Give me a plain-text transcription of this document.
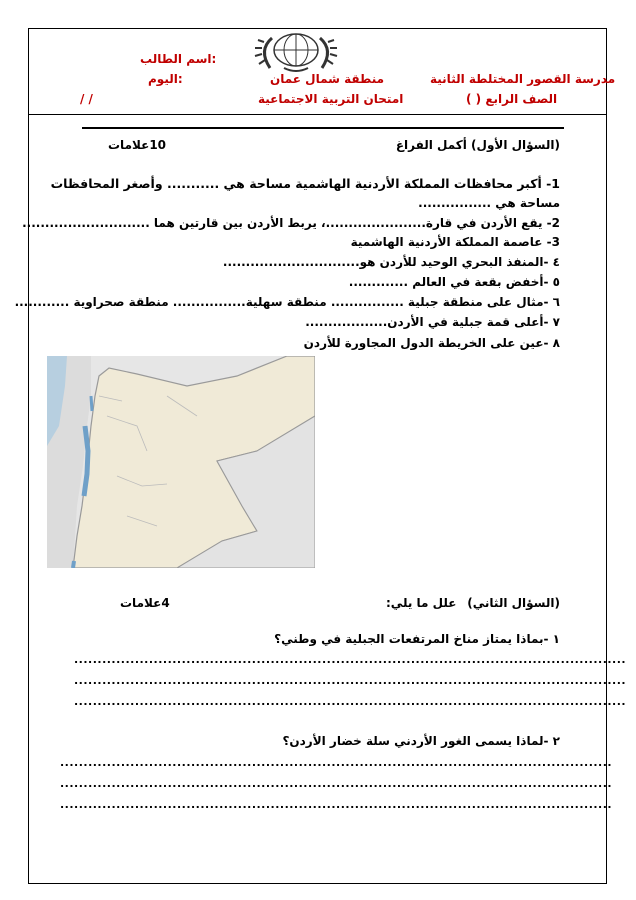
اسم الطالب:
اليوم:
/ /
منطقة شمال عمان
امتحان التربية الاجتماعية
مدرسة القصور المختلطة الثانية
الصف الرابع ( )
(السؤال الأول) أكمل الفراغ
10علامات
1- أكبر محافظات المملكة الأردنية الهاشمية مساحة هي ........... وأصغر المحافظات
مساحة هي ................
2- يقع الأردن في قارة......................، يربط الأردن بين قارتين هما ............................
3- عاصمة المملكة الأردنية الهاشمية
٤ -المنفذ البحري الوحيد للأردن هو..............................
٥ -أخفض بقعة في العالم .............
٦ -مثال على منطقة جبلية ................ منطقة سهلية................ منطقة صحراوية ............
٧ -أعلى قمة جبلية في الأردن..................
٨ -عين على الخريطة الدول المجاورة للأردن
(السؤال الثاني)
علل ما يلي:
4علامات
١ -بماذا يمتاز مناخ المرتفعات الجبلية في وطني؟
......................................................................................................................
......................................................................................................................
......................................................................................................................
٢ -لماذا يسمى الغور الأردني سلة خضار الأردن؟
......................................................................................................................
......................................................................................................................
......................................................................................................................
